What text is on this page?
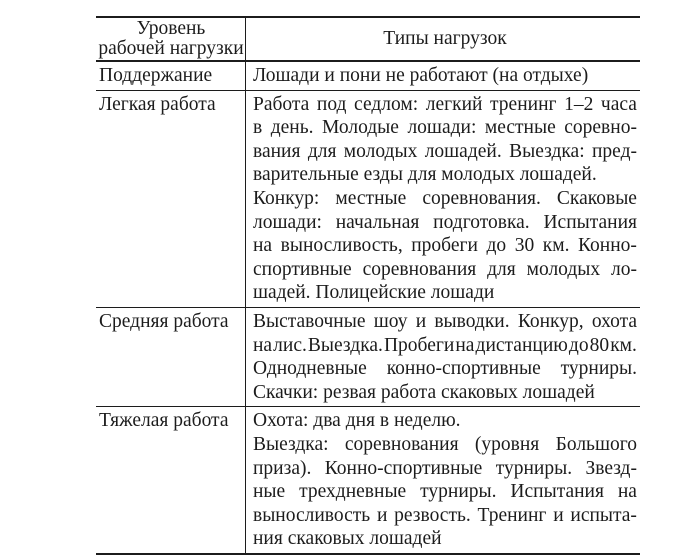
Уровень
рабочей нагрузки	Типы нагрузок
Поддержание	Лошади и пони не работают (на отдыхе)
Легкая работа	Работа под седлом: легкий тренинг 1–2 часа
в день. Молодые лошади: местные соревно-
вания для молодых лошадей. Выездка: пред-
варительные езды для молодых лошадей.
Конкур: местные соревнования. Скаковые
лошади: начальная подготовка. Испытания
на выносливость, пробеги до 30 км. Конно-
спортивные соревнования для молодых ло-
шадей. Полицейские лошади
Средняя работа	Выставочные шоу и выводки. Конкур, охота
на лис. Выездка. Пробеги на дистанцию до 80 км.
Однодневные конно-спортивные турниры.
Скачки: резвая работа скаковых лошадей
Тяжелая работа	Охота: два дня в неделю.
Выездка: соревнования (уровня Большого
приза). Конно-спортивные турниры. Звезд-
ные трехдневные турниры. Испытания на
выносливость и резвость. Тренинг и испыта-
ния скаковых лошадей
